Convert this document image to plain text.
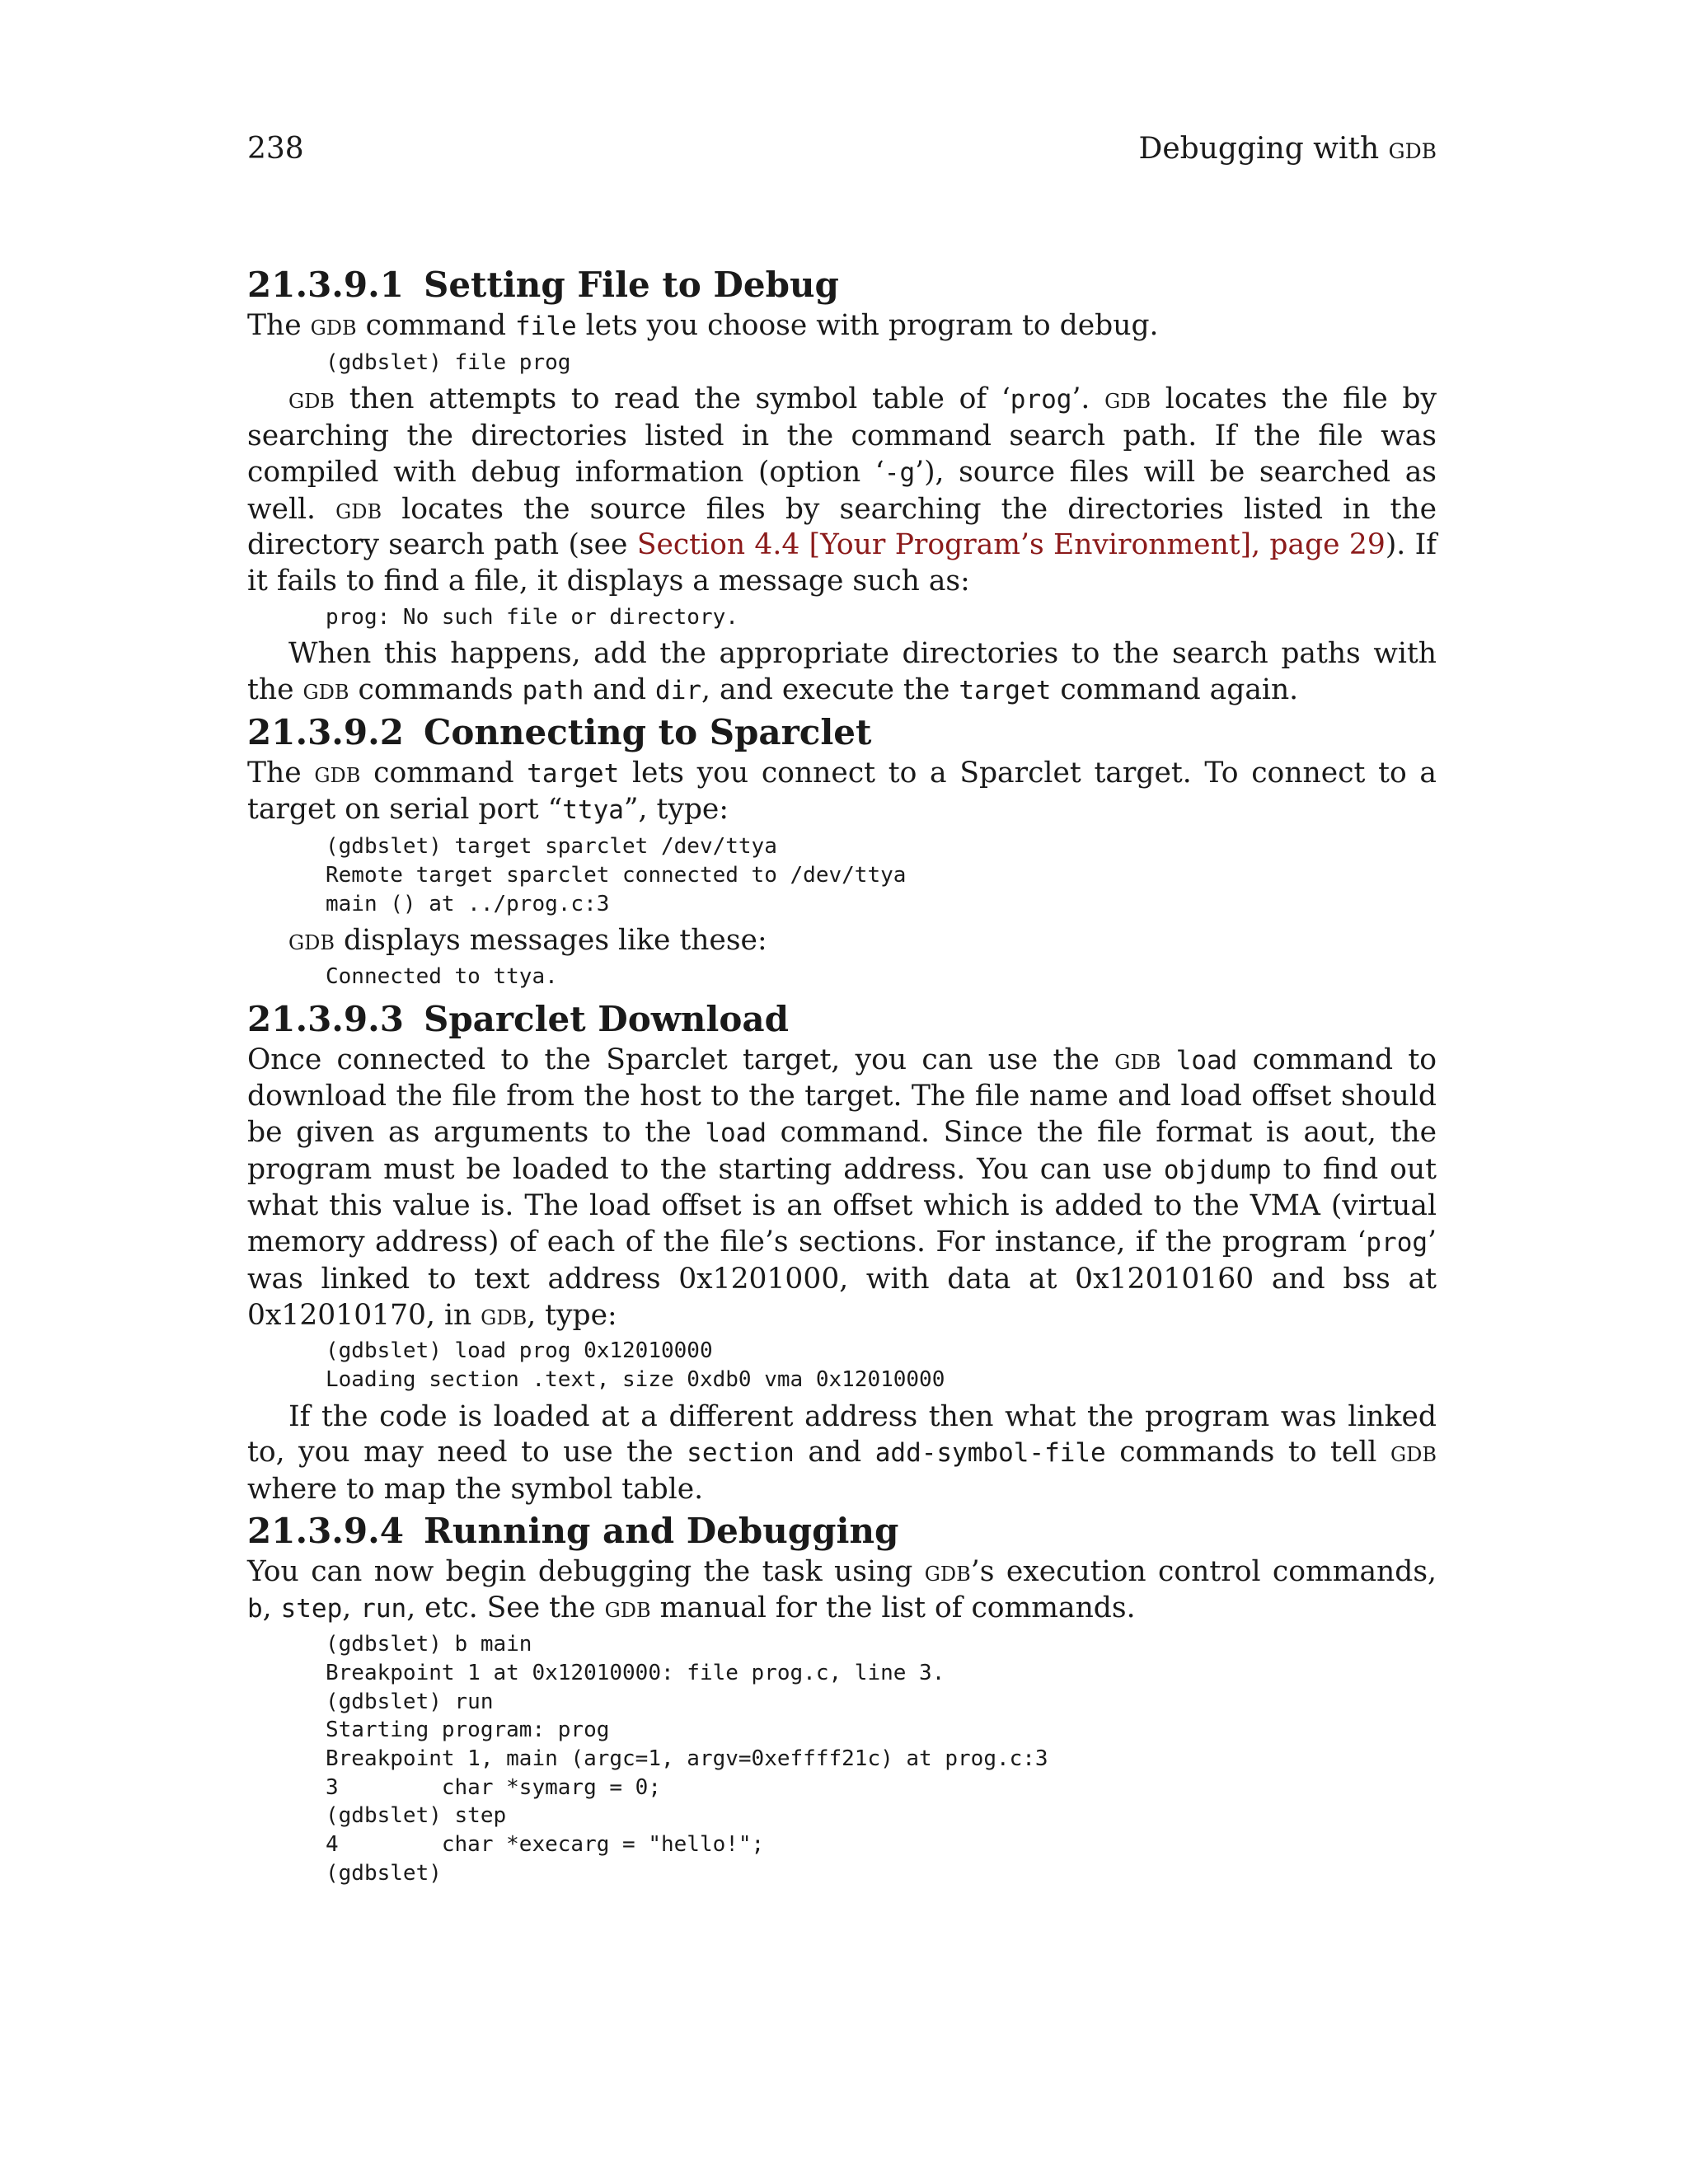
238	Debugging with gdb
21.3.9.1 Setting File to Debug

The gdb command file lets you choose with program to debug.

(gdbslet) file prog

gdb then attempts to read the symbol table of ‘prog’. gdb locates the file by searching the directories listed in the command search path. If the file was compiled with debug information (option ‘-g’), source files will be searched as well. gdb locates the source files by searching the directories listed in the directory search path (see Section 4.4 [Your Program’s Environment], page 29). If it fails to find a file, it displays a message such as:

prog: No such file or directory.

When this happens, add the appropriate directories to the search paths with the gdb commands path and dir, and execute the target command again.

21.3.9.2 Connecting to Sparclet

The gdb command target lets you connect to a Sparclet target. To connect to a target on serial port “ttya”, type:

(gdbslet) target sparclet /dev/ttya
Remote target sparclet connected to /dev/ttya
main () at ../prog.c:3

gdb displays messages like these:

Connected to ttya.
21.3.9.3 Sparclet Download

Once connected to the Sparclet target, you can use the gdb load command to download the file from the host to the target. The file name and load offset should be given as arguments to the load command. Since the file format is aout, the program must be loaded to the starting address. You can use objdump to find out what this value is. The load offset is an offset which is added to the VMA (virtual memory address) of each of the file’s sections. For instance, if the program ‘prog’ was linked to text address 0x1201000, with data at 0x12010160 and bss at 0x12010170, in gdb, type:

(gdbslet) load prog 0x12010000
Loading section .text, size 0xdb0 vma 0x12010000

If the code is loaded at a different address then what the program was linked to, you may need to use the section and add-symbol-file commands to tell gdb where to map the symbol table.

21.3.9.4 Running and Debugging

You can now begin debugging the task using gdb’s execution control commands, b, step, run, etc. See the gdb manual for the list of commands.

(gdbslet) b main
Breakpoint 1 at 0x12010000: file prog.c, line 3.
(gdbslet) run
Starting program: prog
Breakpoint 1, main (argc=1, argv=0xeffff21c) at prog.c:3
3        char *symarg = 0;
(gdbslet) step
4        char *execarg = "hello!";
(gdbslet)
